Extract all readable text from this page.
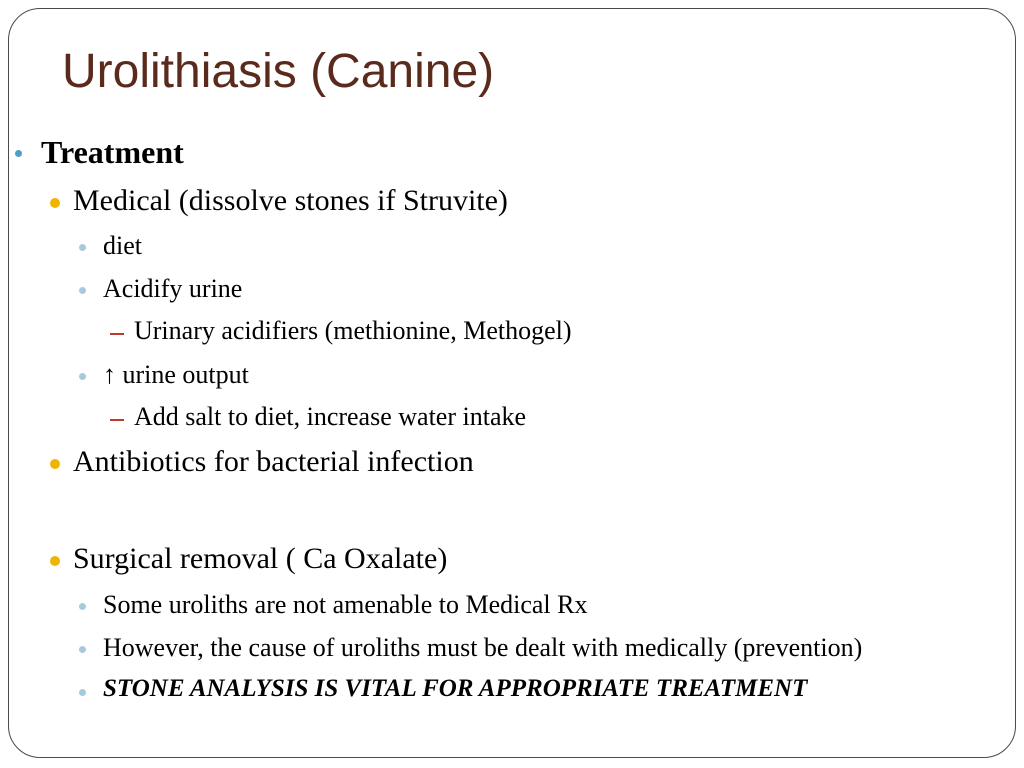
Urolithiasis (Canine)
Treatment
Medical (dissolve stones if Struvite)
diet
Acidify urine
Urinary acidifiers (methionine, Methogel)
↑ urine output
Add salt to diet, increase water intake
Antibiotics for bacterial infection
Surgical removal ( Ca Oxalate)
Some uroliths are not amenable to Medical Rx
However, the cause of uroliths must be dealt with medically (prevention)
STONE ANALYSIS IS VITAL FOR APPROPRIATE TREATMENT
